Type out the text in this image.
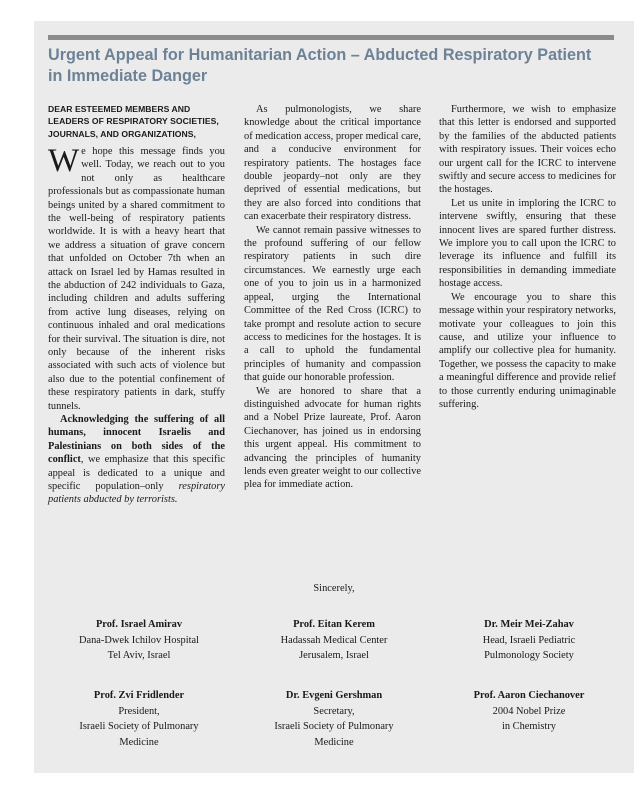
Urgent Appeal for Humanitarian Action – Abducted Respiratory Patient in Immediate Danger

DEAR ESTEEMED MEMBERS AND LEADERS OF RESPIRATORY SOCIETIES, JOURNALS, AND ORGANIZATIONS,

We hope this message finds you well. Today, we reach out to you not only as healthcare professionals but as compassionate human beings united by a shared commitment to the well-being of respiratory patients worldwide. It is with a heavy heart that we address a situation of grave concern that unfolded on October 7th when an attack on Israel led by Hamas resulted in the abduction of 242 individuals to Gaza, including children and adults suffering from active lung diseases, relying on continuous inhaled and oral medications for their survival. The situation is dire, not only because of the inherent risks associated with such acts of violence but also due to the potential confinement of these respiratory patients in dark, stuffy tunnels.

Acknowledging the suffering of all humans, innocent Israelis and Palestinians on both sides of the conflict, we emphasize that this specific appeal is dedicated to a unique and specific population–only respiratory patients abducted by terrorists.

As pulmonologists, we share knowledge about the critical importance of medication access, proper medical care, and a conducive environment for respiratory patients. The hostages face double jeopardy–not only are they deprived of essential medications, but they are also forced into conditions that can exacerbate their respiratory distress.

We cannot remain passive witnesses to the profound suffering of our fellow respiratory patients in such dire circumstances. We earnestly urge each one of you to join us in a harmonized appeal, urging the International Committee of the Red Cross (ICRC) to take prompt and resolute action to secure access to medicines for the hostages. It is a call to uphold the fundamental principles of humanity and compassion that guide our honorable profession.

We are honored to share that a distinguished advocate for human rights and a Nobel Prize laureate, Prof. Aaron Ciechanover, has joined us in endorsing this urgent appeal. His commitment to advancing the principles of humanity lends even greater weight to our collective plea for immediate action.

Furthermore, we wish to emphasize that this letter is endorsed and supported by the families of the abducted patients with respiratory issues. Their voices echo our urgent call for the ICRC to intervene swiftly and secure access to medicines for the hostages.

Let us unite in imploring the ICRC to intervene swiftly, ensuring that these innocent lives are spared further distress. We implore you to call upon the ICRC to leverage its influence and fulfill its responsibilities in demanding immediate hostage access.

We encourage you to share this message within your respiratory networks, motivate your colleagues to join this cause, and utilize your influence to amplify our collective plea for humanity. Together, we possess the capacity to make a meaningful difference and provide relief to those currently enduring unimaginable suffering.

Sincerely,
Prof. Israel Amirav
Dana-Dwek Ichilov Hospital
Tel Aviv, Israel
Prof. Eitan Kerem
Hadassah Medical Center
Jerusalem, Israel
Dr. Meir Mei-Zahav
Head, Israeli Pediatric
Pulmonology Society
Prof. Zvi Fridlender
President,
Israeli Society of Pulmonary
Medicine
Dr. Evgeni Gershman
Secretary,
Israeli Society of Pulmonary
Medicine
Prof. Aaron Ciechanover
2004 Nobel Prize
in Chemistry
